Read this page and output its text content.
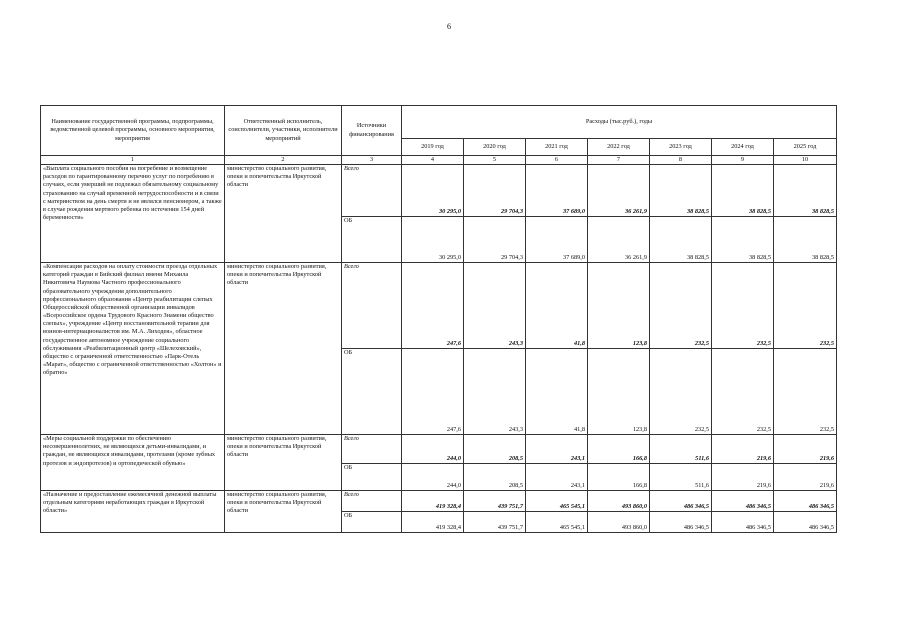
6
Наименование государственной программы, подпрограммы, ведомственной целевой программы, основного мероприятия, мероприятия	Ответственный исполнитель, соисполнители, участники, исполнители мероприятий	Источники финансирования	Расходы (тыс.руб.), годы						
			2019 год	2020 год	2021 год	2022 год	2023 год	2024 год	2025 год
1	2	3	4	5	6	7	8	9	10
«Выплата социального пособия на погребение и возмещение расходов по гарантированному перечню услуг по погребению в случаях, если умерший не подлежал обязательному социальному страхованию на случай временной нетрудоспособности и в связи с материнством на день смерти и не являлся пенсионером, а также в случае рождения мертвого ребенка по истечении 154 дней беременности»	министерство социального развития, опеки и попечительства Иркутской области	Всего	30 295,0	29 704,3	37 689,0	36 261,9	38 828,5	38 828,5	38 828,5
		ОБ	30 295,0	29 704,3	37 689,0	36 261,9	38 828,5	38 828,5	38 828,5
«Компенсация расходов на оплату стоимости проезда отдельных категорий граждан в Бийский филиал имени Михаила Никитовича Наумова Частного профессионального образовательного учреждения дополнительного профессионального образования «Центр реабилитации слепых Общероссийской общественной организации инвалидов «Всероссийское ордена Трудового Красного Знамени общество слепых», учреждение «Центр восстановительной терапии для воинов-интернационалистов им. М.А. Лиходея», областное государственное автономное учреждение социального обслуживания «Реабилитационный центр «Шелеховский», общество с ограниченной ответственностью «Парк-Отель «Марат», общество с ограниченной ответственностью «Холтон» и обратно»	министерство социального развития, опеки и попечительства Иркутской области	Всего	247,6	243,3	41,8	123,8	232,5	232,5	232,5
		ОБ	247,6	243,3	41,8	123,8	232,5	232,5	232,5
«Меры социальной поддержки по обеспечению несовершеннолетних, не являющихся детьми-инвалидами, и граждан, не являющихся инвалидами, протезами (кроме зубных протезов и эндопротезов) и ортопедической обувью»	министерство социального развития, опеки и попечительства Иркутской области	Всего	244,0	208,5	243,1	166,8	511,6	219,6	219,6
		ОБ	244,0	208,5	243,1	166,8	511,6	219,6	219,6
«Назначение и предоставление ежемесячной денежной выплаты отдельным категориям неработающих граждан в Иркутской области»	министерство социального развития, опеки и попечительства Иркутской области	Всего	419 328,4	439 751,7	465 545,1	493 860,0	486 346,5	486 346,5	486 346,5
		ОБ	419 328,4	439 751,7	465 545,1	493 860,0	486 346,5	486 346,5	486 346,5
